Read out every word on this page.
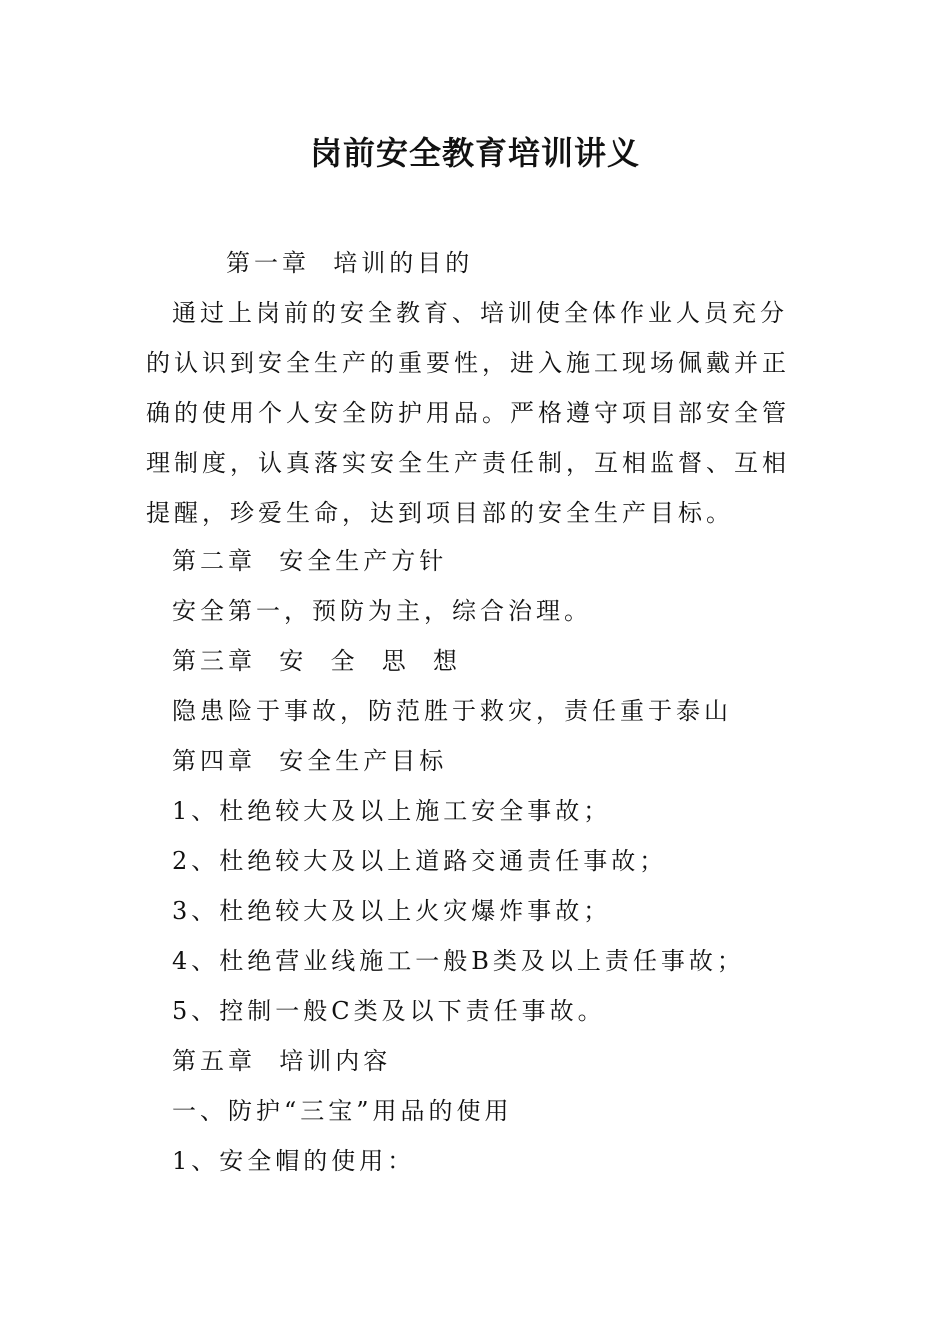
岗前安全教育培训讲义
第一章  培训的目的
通过上岗前的安全教育、培训使全体作业人员充分的认识到安全生产的重要性，进入施工现场佩戴并正确的使用个人安全防护用品。严格遵守项目部安全管理制度，认真落实安全生产责任制，互相监督、互相提醒，珍爱生命，达到项目部的安全生产目标。
第二章  安全生产方针
安全第一，预防为主，综合治理。
第三章  安  全  思  想
隐患险于事故，防范胜于救灾，责任重于泰山
第四章  安全生产目标
1、杜绝较大及以上施工安全事故；
2、杜绝较大及以上道路交通责任事故；
3、杜绝较大及以上火灾爆炸事故；
4、杜绝营业线施工一般B类及以上责任事故；
5、控制一般C类及以下责任事故。
第五章  培训内容
一、防护“三宝”用品的使用
1、安全帽的使用：
